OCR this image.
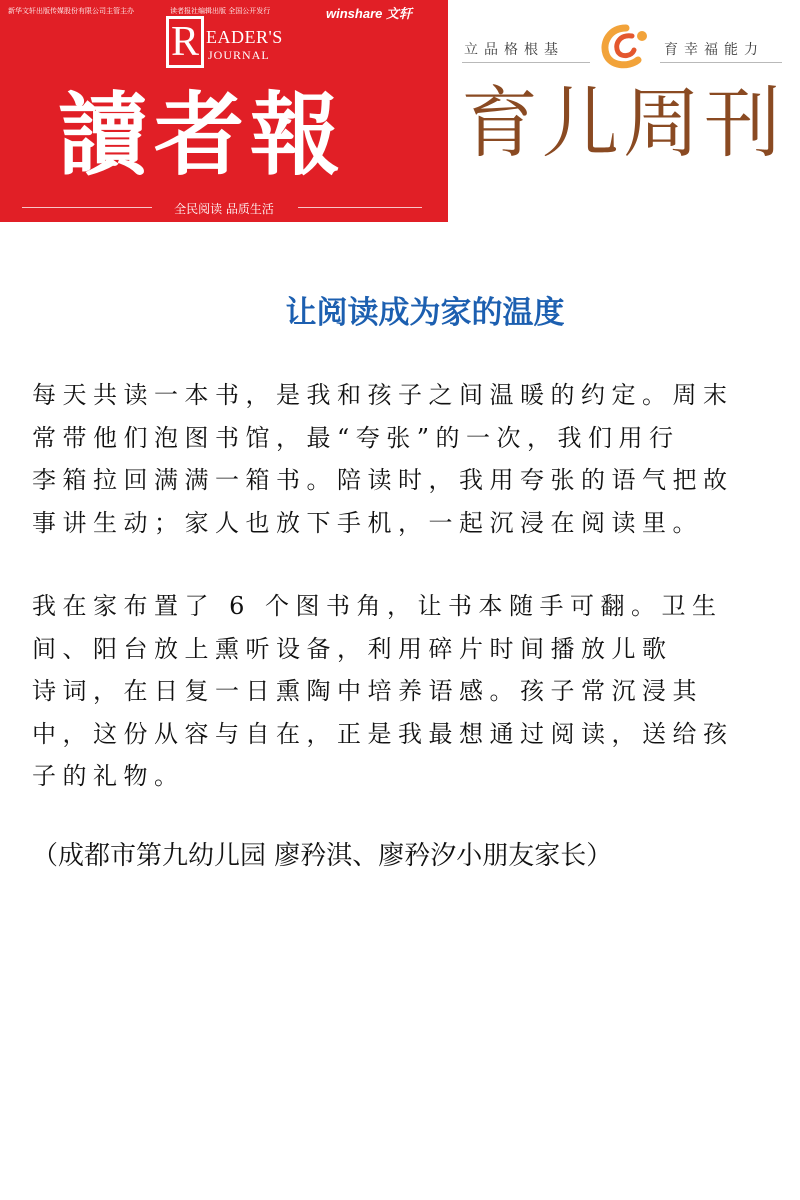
新华文轩出版传媒股份有限公司主管主办	读者报社编辑出版 全国公开发行	winshare 文轩
R EADER'S
JOURNAL
讀者報
全民阅读 品质生活
立品格根基	育幸福能力
育儿周刊
让阅读成为家的温度
每天共读一本书，是我和孩子之间温暖的约定。周末
常带他们泡图书馆，最“夸张”的一次，我们用行
李箱拉回满满一箱书。陪读时，我用夸张的语气把故
事讲生动；家人也放下手机，一起沉浸在阅读里。
我在家布置了 6 个图书角，让书本随手可翻。卫生
间、阳台放上熏听设备，利用碎片时间播放儿歌
诗词，在日复一日熏陶中培养语感。孩子常沉浸其
中，这份从容与自在，正是我最想通过阅读，送给孩
子的礼物。
（成都市第九幼儿园 廖矜淇、廖矜汐小朋友家长）
